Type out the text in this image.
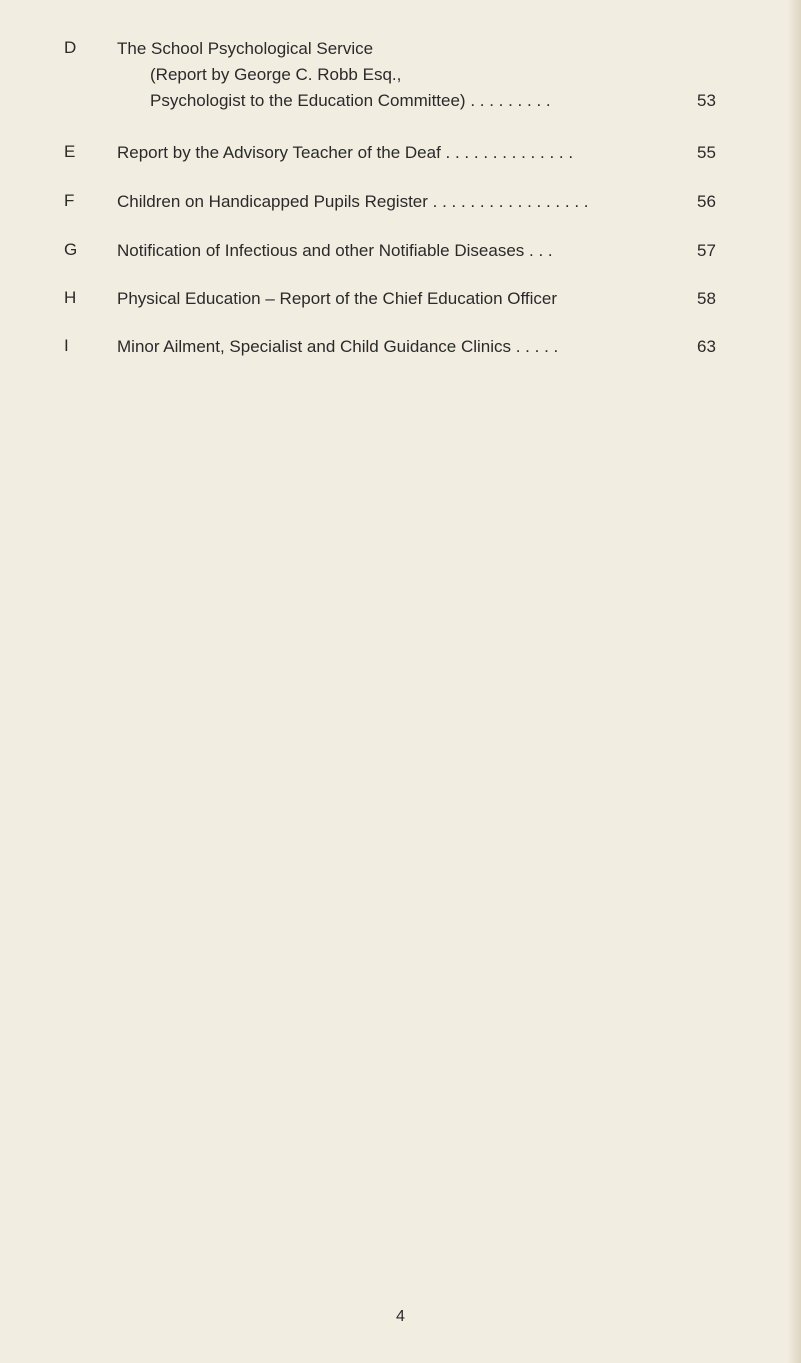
D	The School Psychological Service
(Report by George C. Robb Esq.,
Psychologist to the Education Committee) . . . . . . . . .	53
E	Report by the Advisory Teacher of the Deaf . . . . . . . . . . . . . .	55
F	Children on Handicapped Pupils Register . . . . . . . . . . . . . . . . .	56
G	Notification of Infectious and other Notifiable Diseases . . .	57
H	Physical Education – Report of the Chief Education Officer	58
I	Minor Ailment, Specialist and Child Guidance Clinics . . . . .	63
4
